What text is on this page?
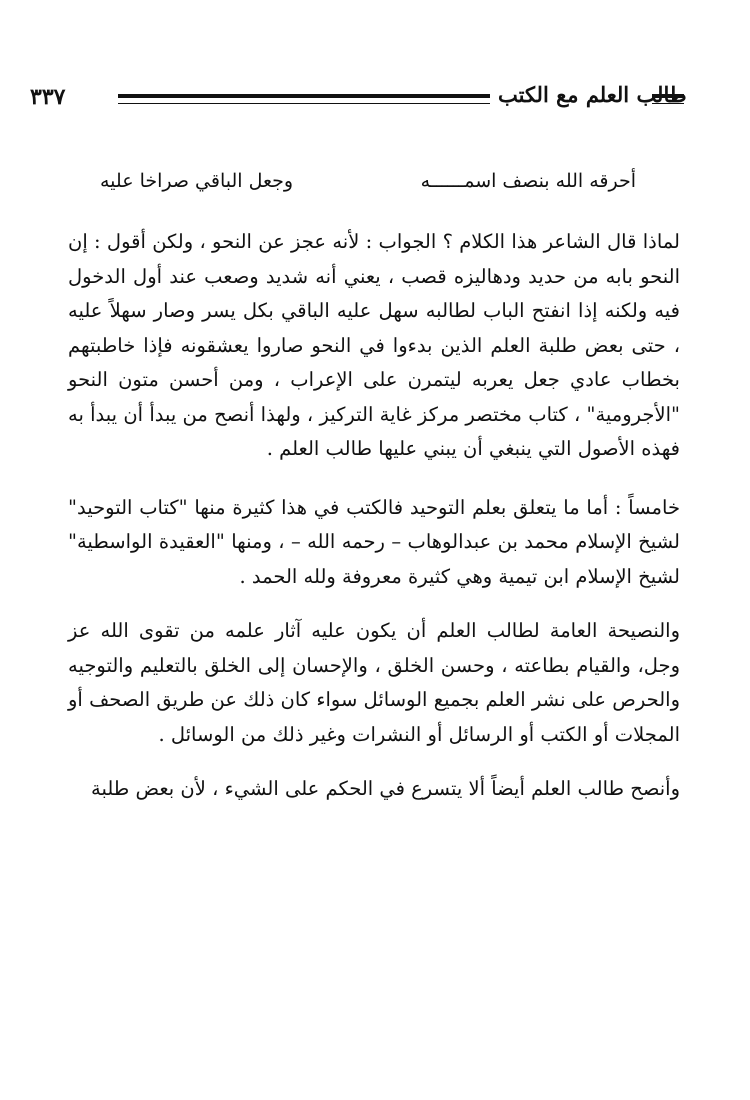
٣٣٧	طالب العلم مع الكتب
أحرقه الله بنصف اسمــــــه
وجعل الباقي صراخا عليه

لماذا قال الشاعر هذا الكلام ؟ الجواب : لأنه عجز عن النحو ، ولكن أقول : إن النحو بابه من حديد ودهاليزه قصب ، يعني أنه شديد وصعب عند أول الدخول فيه ولكنه إذا انفتح الباب لطالبه سهل عليه الباقي بكل يسر وصار سهلاً عليه ، حتى بعض طلبة العلم الذين بدءوا في النحو صاروا يعشقونه فإذا خاطبتهم بخطاب عادي جعل يعربه ليتمرن على الإعراب ، ومن أحسن متون النحو "الأجرومية" ، كتاب مختصر مركز غاية التركيز ، ولهذا أنصح من يبدأ أن يبدأ به فهذه الأصول التي ينبغي أن يبني عليها طالب العلم .

خامساً : أما ما يتعلق بعلم التوحيد فالكتب في هذا كثيرة منها "كتاب التوحيد" لشيخ الإسلام محمد بن عبدالوهاب – رحمه الله – ، ومنها "العقيدة الواسطية" لشيخ الإسلام ابن تيمية وهي كثيرة معروفة ولله الحمد .

والنصيحة العامة لطالب العلم أن يكون عليه آثار علمه من تقوى الله عز وجل، والقيام بطاعته ، وحسن الخلق ، والإحسان إلى الخلق بالتعليم والتوجيه والحرص على نشر العلم بجميع الوسائل سواء كان ذلك عن طريق الصحف أو المجلات أو الكتب أو الرسائل أو النشرات وغير ذلك من الوسائل .

وأنصح طالب العلم أيضاً ألا يتسرع في الحكم على الشيء ، لأن بعض طلبة
